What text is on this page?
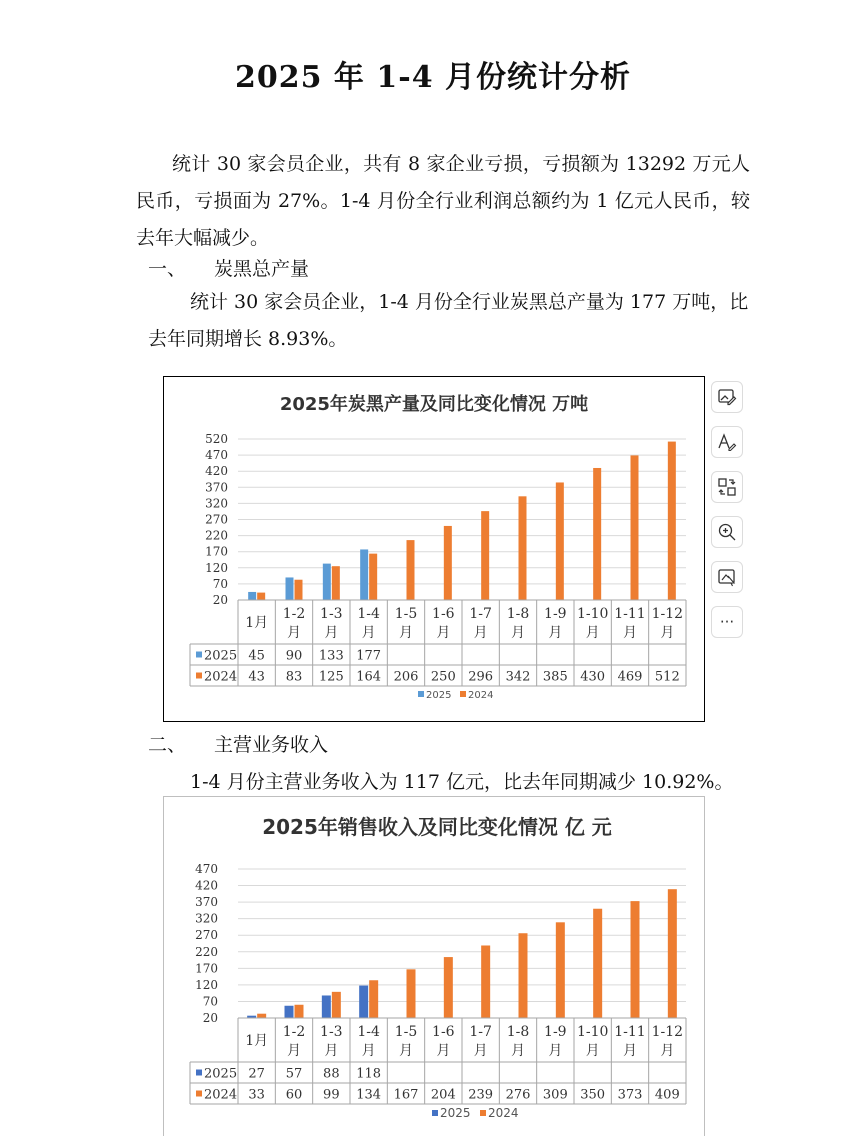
2025 年 1-4 月份统计分析

统计 30 家会员企业，共有 8 家企业亏损，亏损额为 13292 万元人民币，亏损面为 27%。1-4 月份全行业利润总额约为 1 亿元人民币，较去年大幅减少。

一、 炭黑总产量

统计 30 家会员企业，1-4 月份全行业炭黑总产量为 177 万吨，比去年同期增长 8.93%。

2025年炭黑产量及同比变化情况 万吨
20
70
120
170
220
270
320
370
420
470
520
1月
1-2
月
1-3
月
1-4
月
1-5
月
1-6
月
1-7
月
1-8
月
1-9
月
1-10
月
1-11
月
1-12
月
2025 45 90 133 177
2024 43 83 125 164 206 250 296 342 385 430 469 512
2025 2024
···
二、 主营业务收入

1-4 月份主营业务收入为 117 亿元，比去年同期减少 10.92%。

2025年销售收入及同比变化情况 亿 元
20
70
120
170
220
270
320
370
420
470
1月
1-2
月
1-3
月
1-4
月
1-5
月
1-6
月
1-7
月
1-8
月
1-9
月
1-10
月
1-11
月
1-12
月
2025 27 57 88 118
2024 33 60 99 134 167 204 239 276 309 350 373 409
2025 2024
